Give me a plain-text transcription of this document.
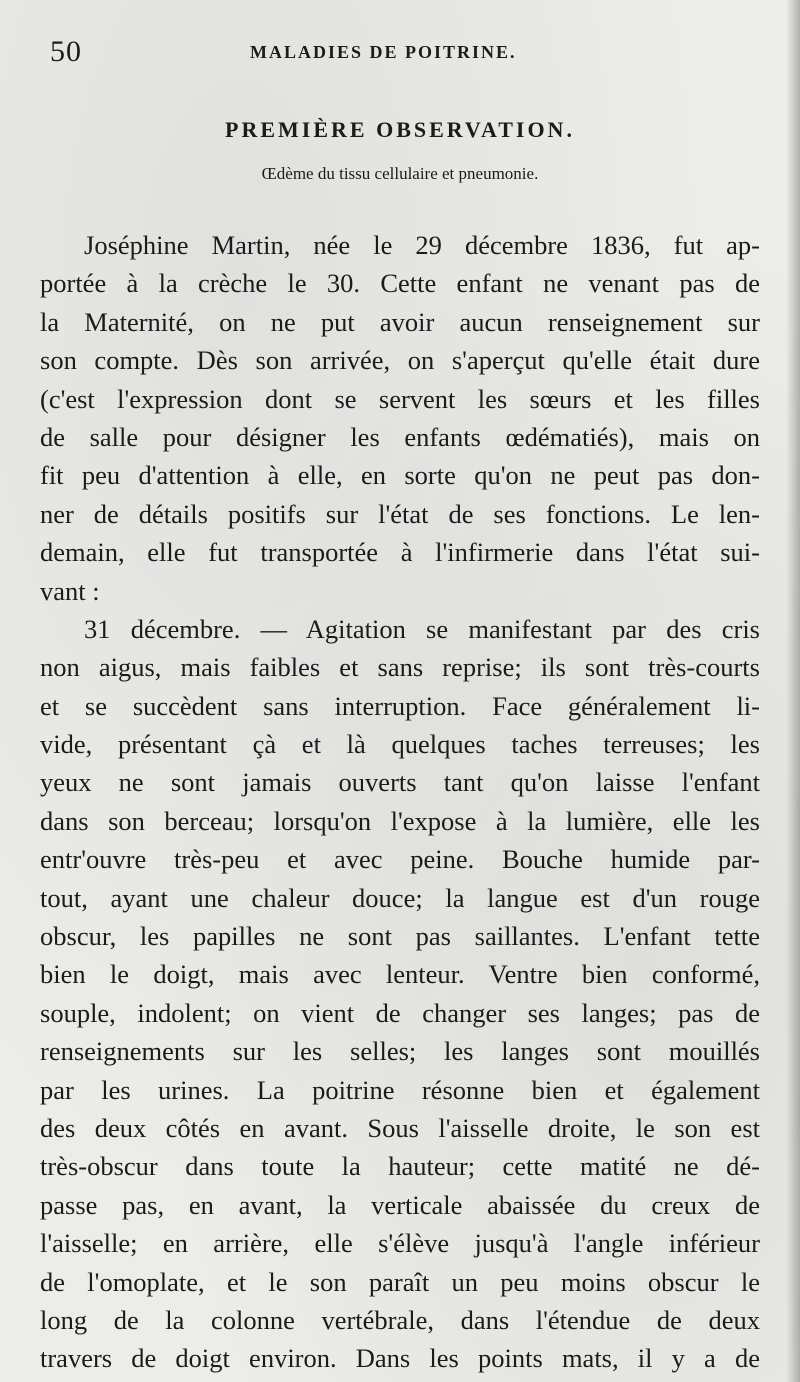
50	MALADIES DE POITRINE.
PREMIÈRE OBSERVATION.
Œdème du tissu cellulaire et pneumonie.
Joséphine Martin, née le 29 décembre 1836, fut ap-
portée à la crèche le 30. Cette enfant ne venant pas de
la Maternité, on ne put avoir aucun renseignement sur
son compte. Dès son arrivée, on s'aperçut qu'elle était dure
(c'est l'expression dont se servent les sœurs et les filles
de salle pour désigner les enfants œdématiés), mais on
fit peu d'attention à elle, en sorte qu'on ne peut pas don-
ner de détails positifs sur l'état de ses fonctions. Le len-
demain, elle fut transportée à l'infirmerie dans l'état sui-
vant :
31 décembre. — Agitation se manifestant par des cris
non aigus, mais faibles et sans reprise; ils sont très-courts
et se succèdent sans interruption. Face généralement li-
vide, présentant çà et là quelques taches terreuses; les
yeux ne sont jamais ouverts tant qu'on laisse l'enfant
dans son berceau; lorsqu'on l'expose à la lumière, elle les
entr'ouvre très-peu et avec peine. Bouche humide par-
tout, ayant une chaleur douce; la langue est d'un rouge
obscur, les papilles ne sont pas saillantes. L'enfant tette
bien le doigt, mais avec lenteur. Ventre bien conformé,
souple, indolent; on vient de changer ses langes; pas de
renseignements sur les selles; les langes sont mouillés
par les urines. La poitrine résonne bien et également
des deux côtés en avant. Sous l'aisselle droite, le son est
très-obscur dans toute la hauteur; cette matité ne dé-
passe pas, en avant, la verticale abaissée du creux de
l'aisselle; en arrière, elle s'élève jusqu'à l'angle inférieur
de l'omoplate, et le son paraît un peu moins obscur le
long de la colonne vertébrale, dans l'étendue de deux
travers de doigt environ. Dans les points mats, il y a de
